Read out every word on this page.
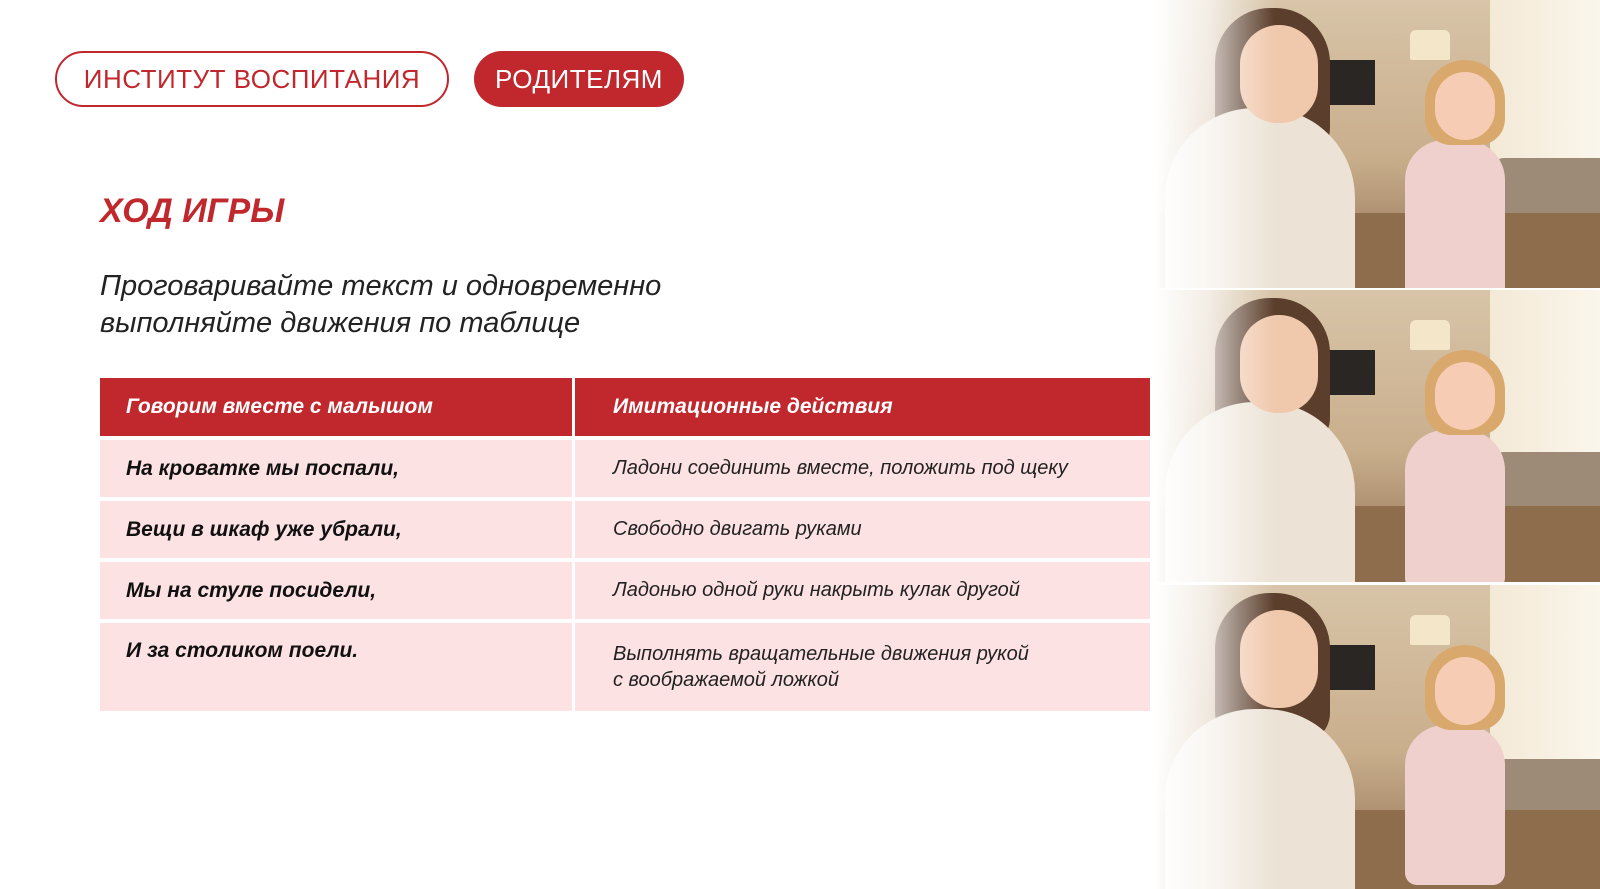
ИНСТИТУТ ВОСПИТАНИЯ	РОДИТЕЛЯМ
ХОД ИГРЫ
Проговаривайте текст и одновременно выполняйте движения по таблице
Говорим вместе с малышом	Имитационные действия
На кроватке мы поспали,	Ладони соединить вместе, положить под щеку
Вещи в шкаф уже убрали,	Свободно двигать руками
Мы на стуле посидели,	Ладонью одной руки накрыть кулак другой
И за столиком поели.	Выполнять вращательные движения рукой
с воображаемой ложкой
